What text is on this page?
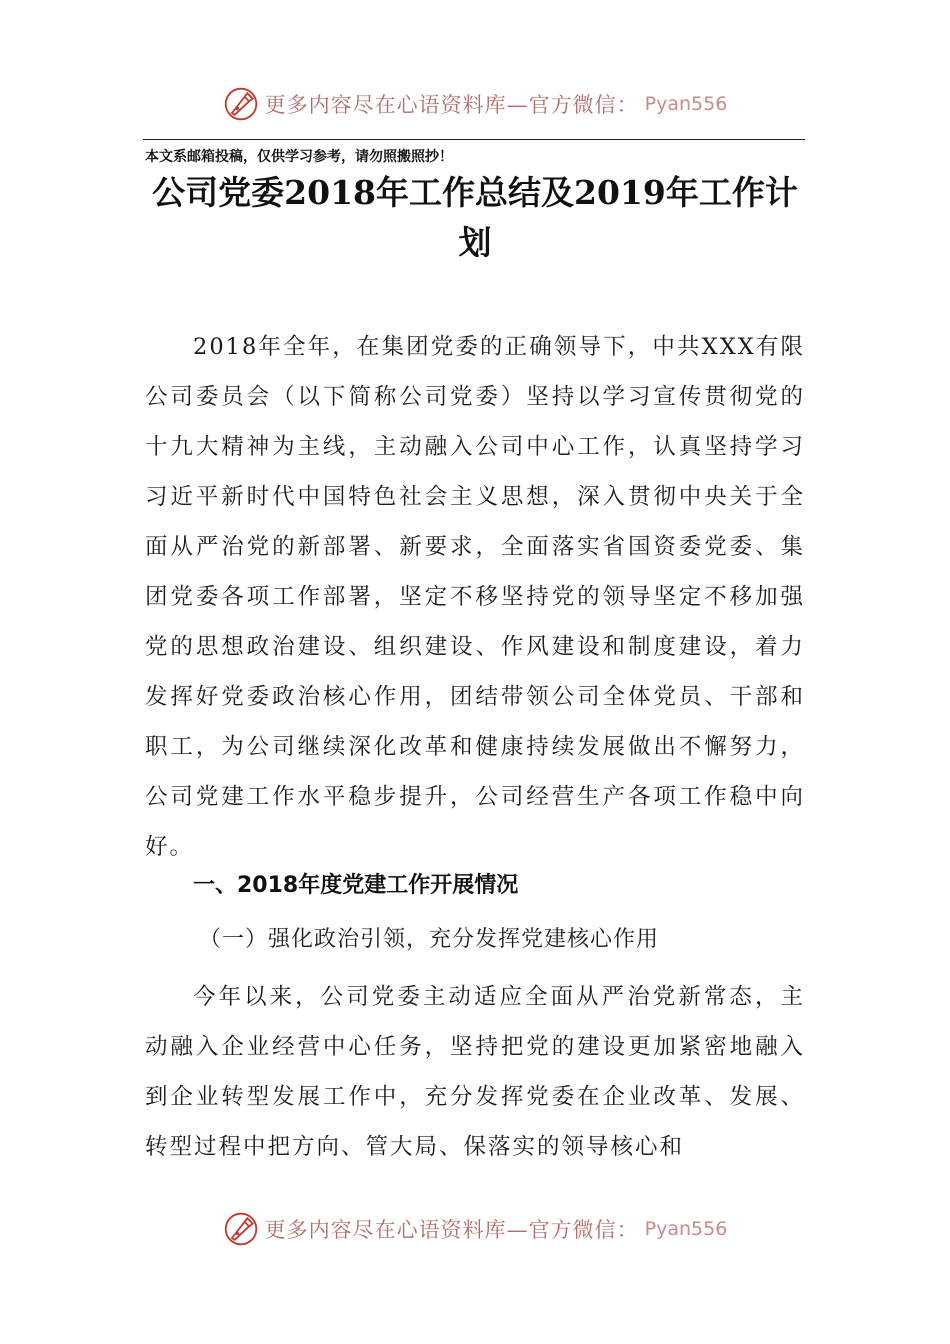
更多内容尽在心语资料库—官方微信： Pyan556
本文系邮箱投稿，仅供学习参考，请勿照搬照抄！
公司党委2018年工作总结及2019年工作计划
2018年全年，在集团党委的正确领导下，中共XXX有限公司委员会（以下简称公司党委）坚持以学习宣传贯彻党的十九大精神为主线，主动融入公司中心工作，认真坚持学习习近平新时代中国特色社会主义思想，深入贯彻中央关于全面从严治党的新部署、新要求，全面落实省国资委党委、集团党委各项工作部署，坚定不移坚持党的领导坚定不移加强党的思想政治建设、组织建设、作风建设和制度建设，着力发挥好党委政治核心作用，团结带领公司全体党员、干部和职工，为公司继续深化改革和健康持续发展做出不懈努力，公司党建工作水平稳步提升，公司经营生产各项工作稳中向好。
一、2018年度党建工作开展情况
（一）强化政治引领，充分发挥党建核心作用
今年以来，公司党委主动适应全面从严治党新常态，主动融入企业经营中心任务，坚持把党的建设更加紧密地融入到企业转型发展工作中，充分发挥党委在企业改革、发展、转型过程中把方向、管大局、保落实的领导核心和
更多内容尽在心语资料库—官方微信： Pyan556
